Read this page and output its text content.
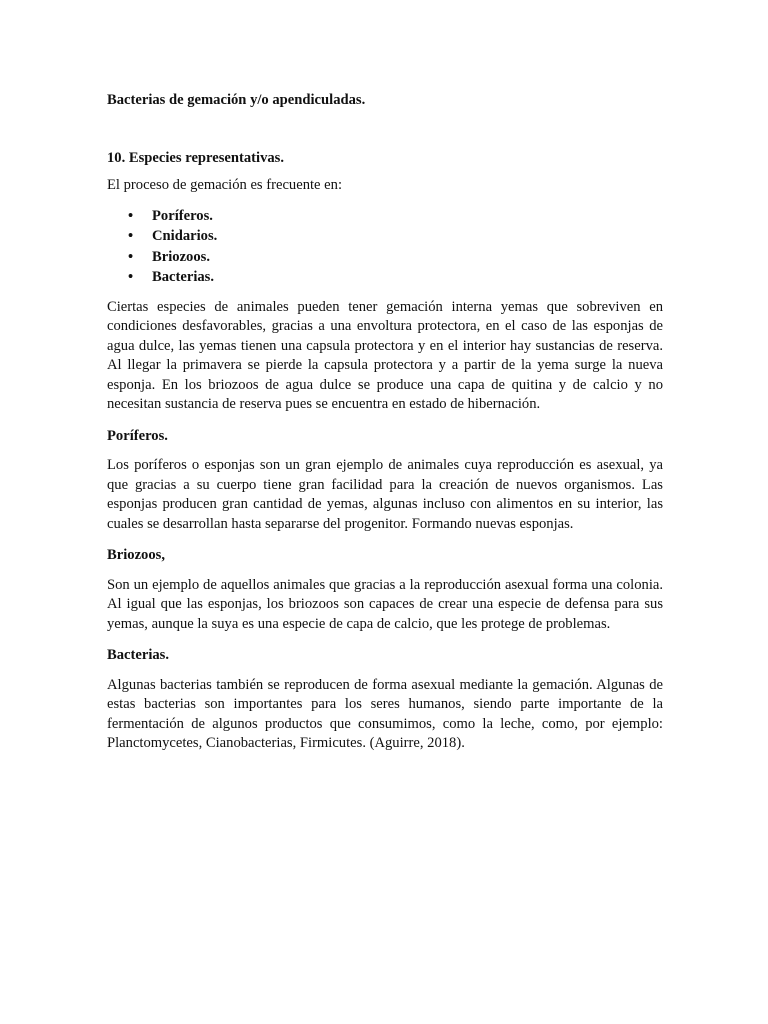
Bacterias de gemación y/o apendiculadas.

10. Especies representativas.

El proceso de gemación es frecuente en:

• Poríferos.
• Cnidarios.
• Briozoos.
• Bacterias.

Ciertas especies de animales pueden tener gemación interna yemas que sobreviven en condiciones desfavorables, gracias a una envoltura protectora, en el caso de las esponjas de agua dulce, las yemas tienen una capsula protectora y en el interior hay sustancias de reserva. Al llegar la primavera se pierde la capsula protectora y a partir de la yema surge la nueva esponja. En los briozoos de agua dulce se produce una capa de quitina y de calcio y no necesitan sustancia de reserva pues se encuentra en estado de hibernación.

Poríferos.

Los poríferos o esponjas son un gran ejemplo de animales cuya reproducción es asexual, ya que gracias a su cuerpo tiene gran facilidad para la creación de nuevos organismos. Las esponjas producen gran cantidad de yemas, algunas incluso con alimentos en su interior, las cuales se desarrollan hasta separarse del progenitor. Formando nuevas esponjas.

Briozoos,

Son un ejemplo de aquellos animales que gracias a la reproducción asexual forma una colonia. Al igual que las esponjas, los briozoos son capaces de crear una especie de defensa para sus yemas, aunque la suya es una especie de capa de calcio, que les protege de problemas.

Bacterias.

Algunas bacterias también se reproducen de forma asexual mediante la gemación. Algunas de estas bacterias son importantes para los seres humanos, siendo parte importante de la fermentación de algunos productos que consumimos, como la leche, como, por ejemplo: Planctomycetes, Cianobacterias, Firmicutes. (Aguirre, 2018).
